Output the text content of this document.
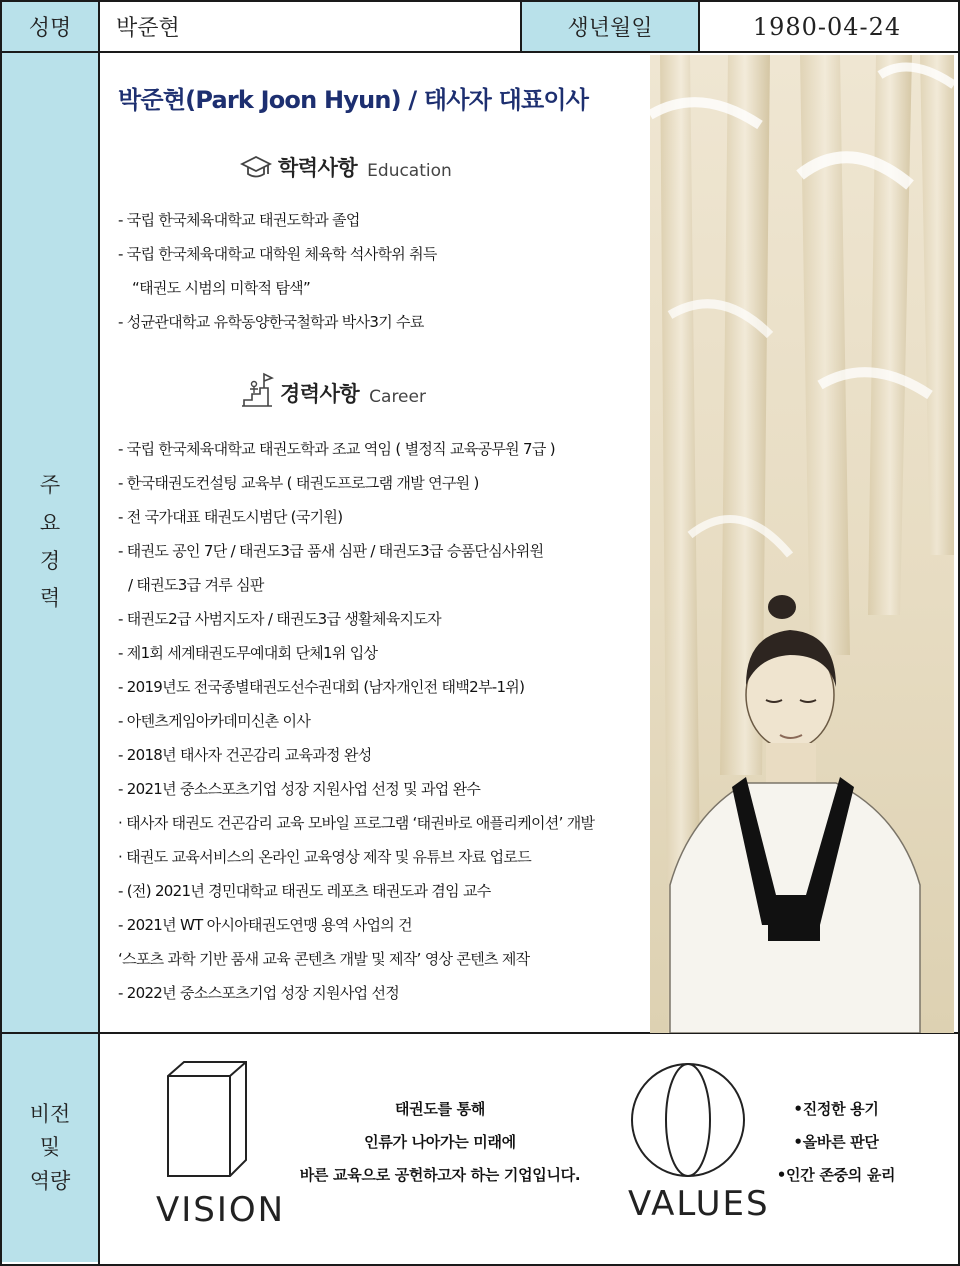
성명 박준현	생년월일	1980-04-24
주
요
경
력
비전
및
역량
박준현(Park Joon Hyun) / 태사자 대표이사
학력사항 Education
- 국립 한국체육대학교 태권도학과 졸업
- 국립 한국체육대학교 대학원 체육학 석사학위 취득
“태권도 시범의 미학적 탐색”
- 성균관대학교 유학동양한국철학과 박사3기 수료
경력사항 Career
- 국립 한국체육대학교 태권도학과 조교 역임 ( 별정직 교육공무원 7급 )
- 한국태권도컨설팅 교육부 ( 태권도프로그램 개발 연구원 )
- 전 국가대표 태권도시범단 (국기원)
- 태권도 공인 7단 / 태권도3급 품새 심판 / 태권도3급 승품단심사위원
/ 태권도3급 겨루 심판
- 태권도2급 사범지도자 / 태권도3급 생활체육지도자
- 제1회 세계태권도무예대회 단체1위 입상
- 2019년도 전국종별태권도선수권대회 (남자개인전 태백2부-1위)
- 아텐츠게임아카데미신촌 이사
- 2018년 태사자 건곤감리 교육과정 완성
- 2021년 중소스포츠기업 성장 지원사업 선정 및 과업 완수
· 태사자 태권도 건곤감리 교육 모바일 프로그램 ‘태권바로 애플리케이션’ 개발
· 태권도 교육서비스의 온라인 교육영상 제작 및 유튜브 자료 업로드
- (전) 2021년 경민대학교 태권도 레포츠 태권도과 겸임 교수
- 2021년 WT 아시아태권도연맹 용역 사업의 건
‘스포츠 과학 기반 품새 교육 콘텐츠 개발 및 제작’ 영상 콘텐츠 제작
- 2022년 중소스포츠기업 성장 지원사업 선정
VISION
태권도를 통해
인류가 나아가는 미래에
바른 교육으로 공헌하고자 하는 기업입니다.
VALUES
•진정한 용기
•올바른 판단
•인간 존중의 윤리
